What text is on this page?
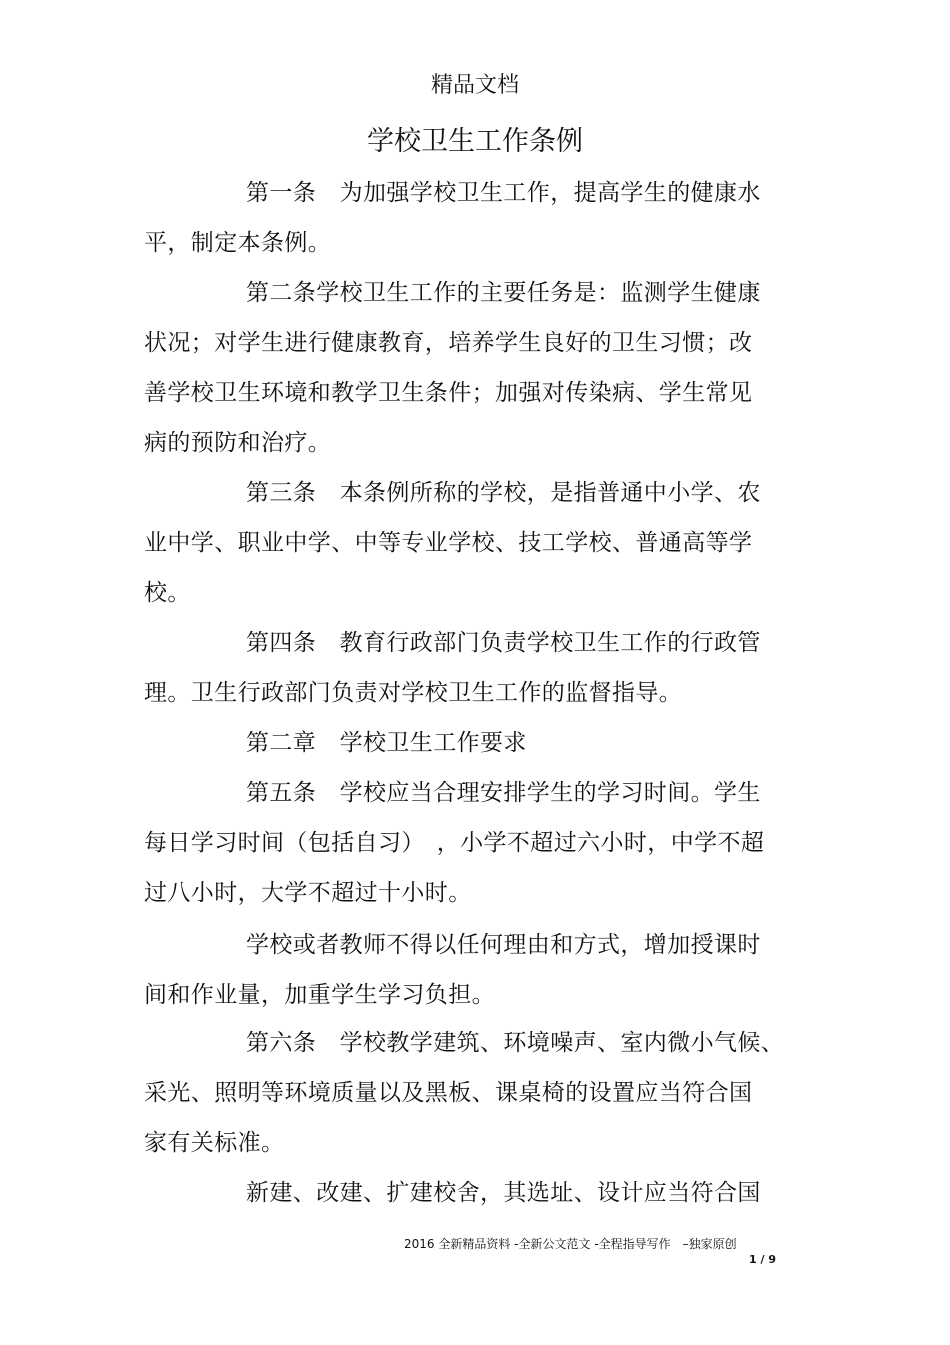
精品文档
学校卫生工作条例
第一条　为加强学校卫生工作，提高学生的健康水
平，制定本条例。
第二条学校卫生工作的主要任务是：监测学生健康
状况；对学生进行健康教育，培养学生良好的卫生习惯；改
善学校卫生环境和教学卫生条件；加强对传染病、学生常见
病的预防和治疗。
第三条　本条例所称的学校，是指普通中小学、农
业中学、职业中学、中等专业学校、技工学校、普通高等学
校。
第四条　教育行政部门负责学校卫生工作的行政管
理。卫生行政部门负责对学校卫生工作的监督指导。
第二章　学校卫生工作要求
第五条　学校应当合理安排学生的学习时间。学生
每日学习时间（包括自习）　，小学不超过六小时，中学不超
过八小时，大学不超过十小时。
学校或者教师不得以任何理由和方式，增加授课时
间和作业量，加重学生学习负担。
第六条　学校教学建筑、环境噪声、室内微小气候、
采光、照明等环境质量以及黑板、课桌椅的设置应当符合国
家有关标准。
新建、改建、扩建校舍，其选址、设计应当符合国
2016 全新精品资料 -全新公文范文 -全程指导写作　–独家原创
1 / 9
